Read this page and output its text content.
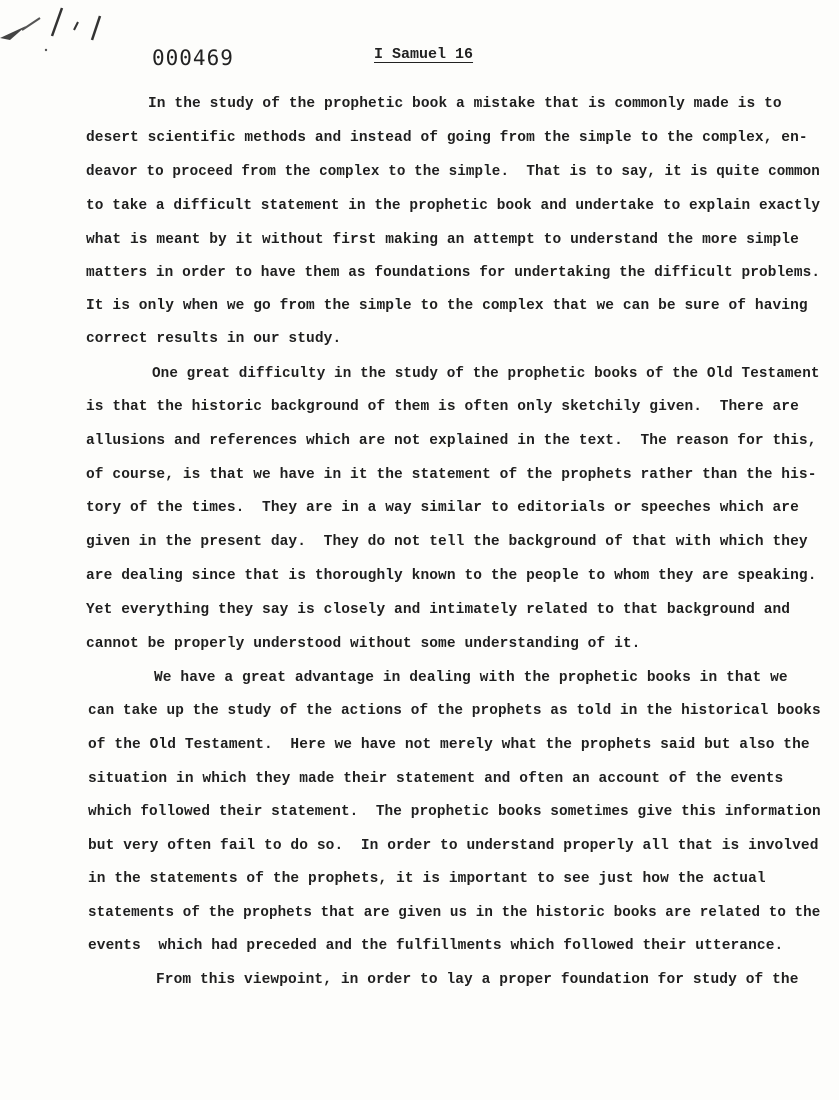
000469	I Samuel 16
In the study of the prophetic book a mistake that is commonly made is to
desert scientific methods and instead of going from the simple to the complex, en-
deavor to proceed from the complex to the simple.  That is to say, it is quite common
to take a difficult statement in the prophetic book and undertake to explain exactly
what is meant by it without first making an attempt to understand the more simple
matters in order to have them as foundations for undertaking the difficult problems.
It is only when we go from the simple to the complex that we can be sure of having
correct results in our study.
One great difficulty in the study of the prophetic books of the Old Testament
is that the historic background of them is often only sketchily given.  There are
allusions and references which are not explained in the text.  The reason for this,
of course, is that we have in it the statement of the prophets rather than the his-
tory of the times.  They are in a way similar to editorials or speeches which are
given in the present day.  They do not tell the background of that with which they
are dealing since that is thoroughly known to the people to whom they are speaking.
Yet everything they say is closely and intimately related to that background and
cannot be properly understood without some understanding of it.
We have a great advantage in dealing with the prophetic books in that we
can take up the study of the actions of the prophets as told in the historical books
of the Old Testament.  Here we have not merely what the prophets said but also the
situation in which they made their statement and often an account of the events
which followed their statement.  The prophetic books sometimes give this information
but very often fail to do so.  In order to understand properly all that is involved
in the statements of the prophets, it is important to see just how the actual
statements of the prophets that are given us in the historic books are related to the
events  which had preceded and the fulfillments which followed their utterance.
From this viewpoint, in order to lay a proper foundation for study of the
